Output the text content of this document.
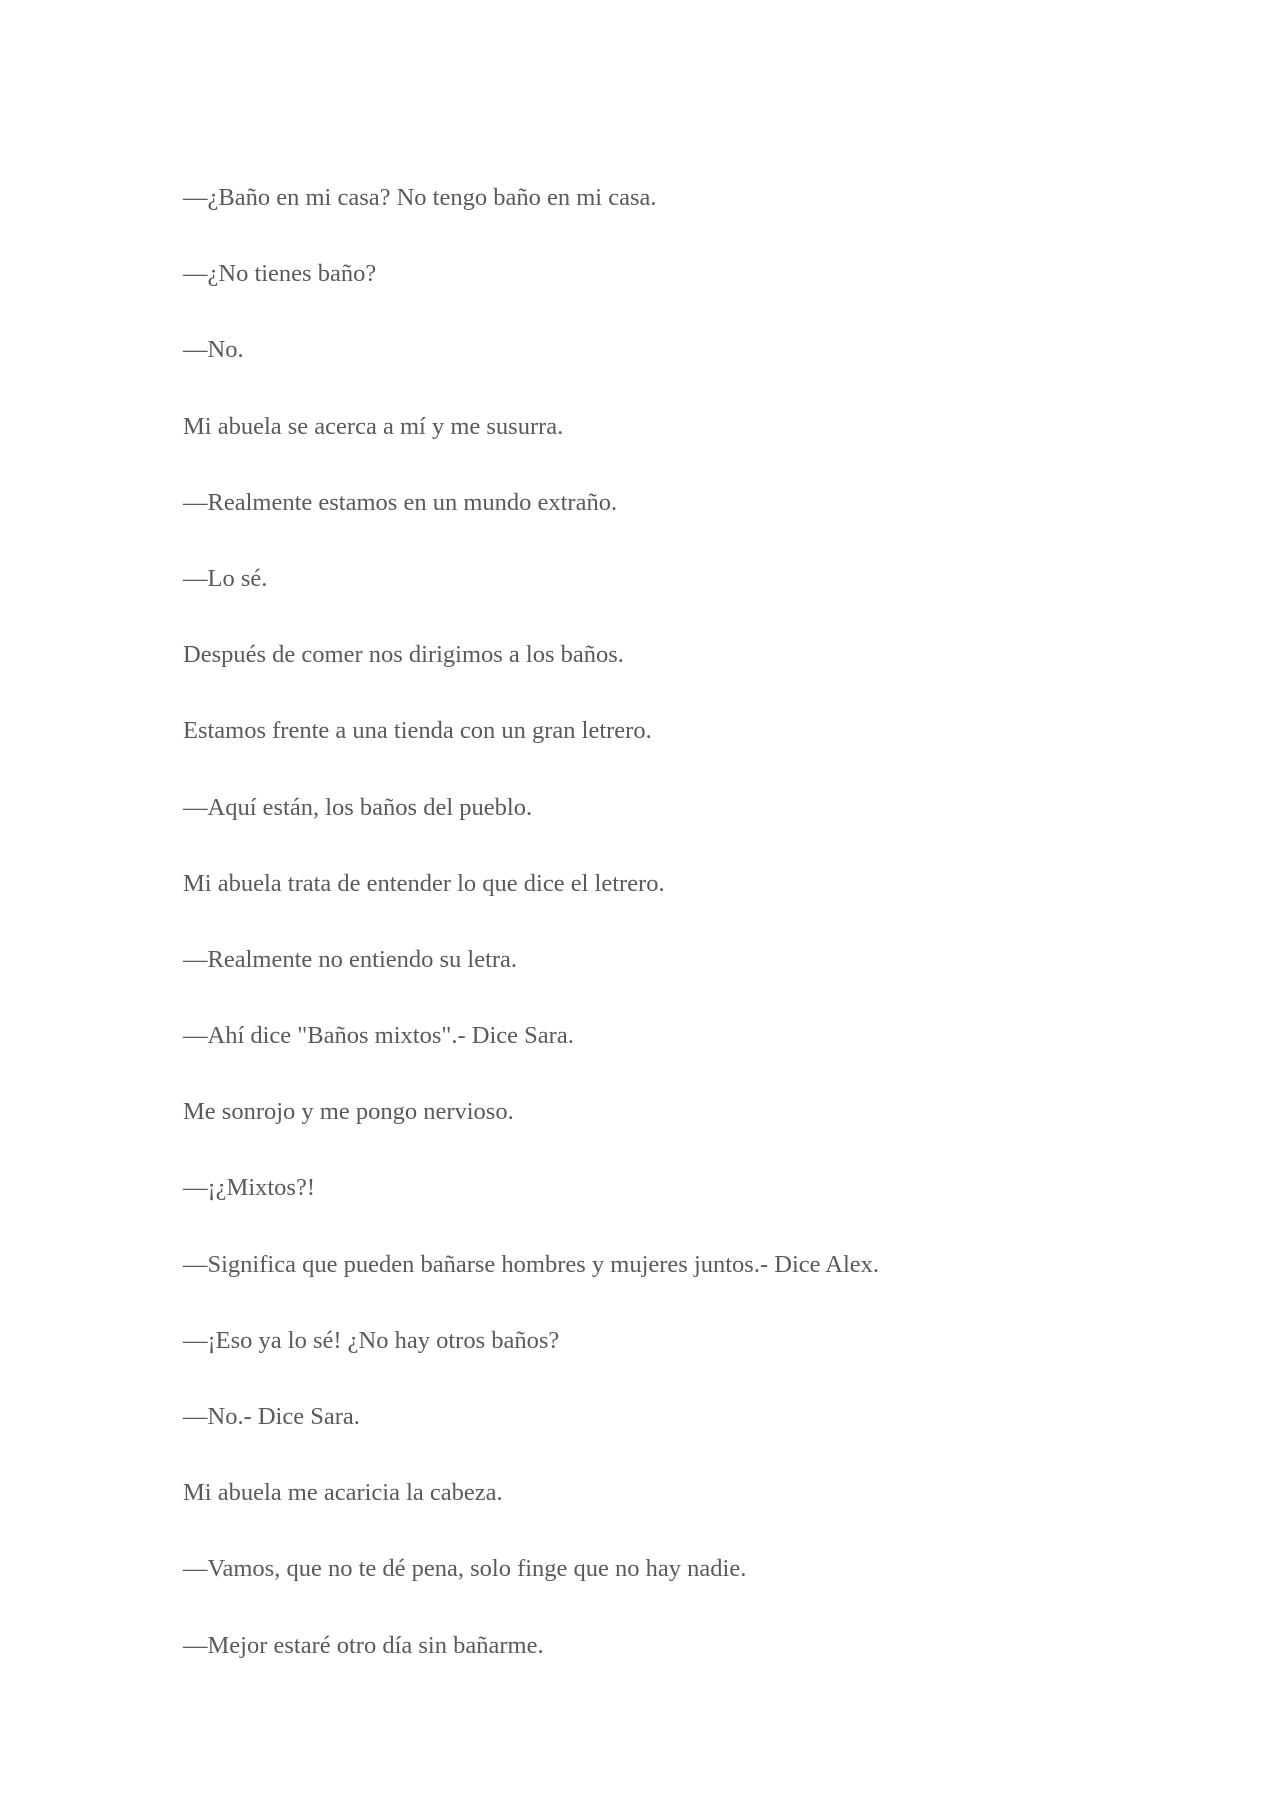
—¿Baño en mi casa? No tengo baño en mi casa.

—¿No tienes baño?

—No.

Mi abuela se acerca a mí y me susurra.

—Realmente estamos en un mundo extraño.

—Lo sé.

Después de comer nos dirigimos a los baños.

Estamos frente a una tienda con un gran letrero.

—Aquí están, los baños del pueblo.

Mi abuela trata de entender lo que dice el letrero.

—Realmente no entiendo su letra.

—Ahí dice "Baños mixtos".- Dice Sara.

Me sonrojo y me pongo nervioso.

—¡¿Mixtos?!

—Significa que pueden bañarse hombres y mujeres juntos.- Dice Alex.

—¡Eso ya lo sé! ¿No hay otros baños?

—No.- Dice Sara.

Mi abuela me acaricia la cabeza.

—Vamos, que no te dé pena, solo finge que no hay nadie.

—Mejor estaré otro día sin bañarme.
